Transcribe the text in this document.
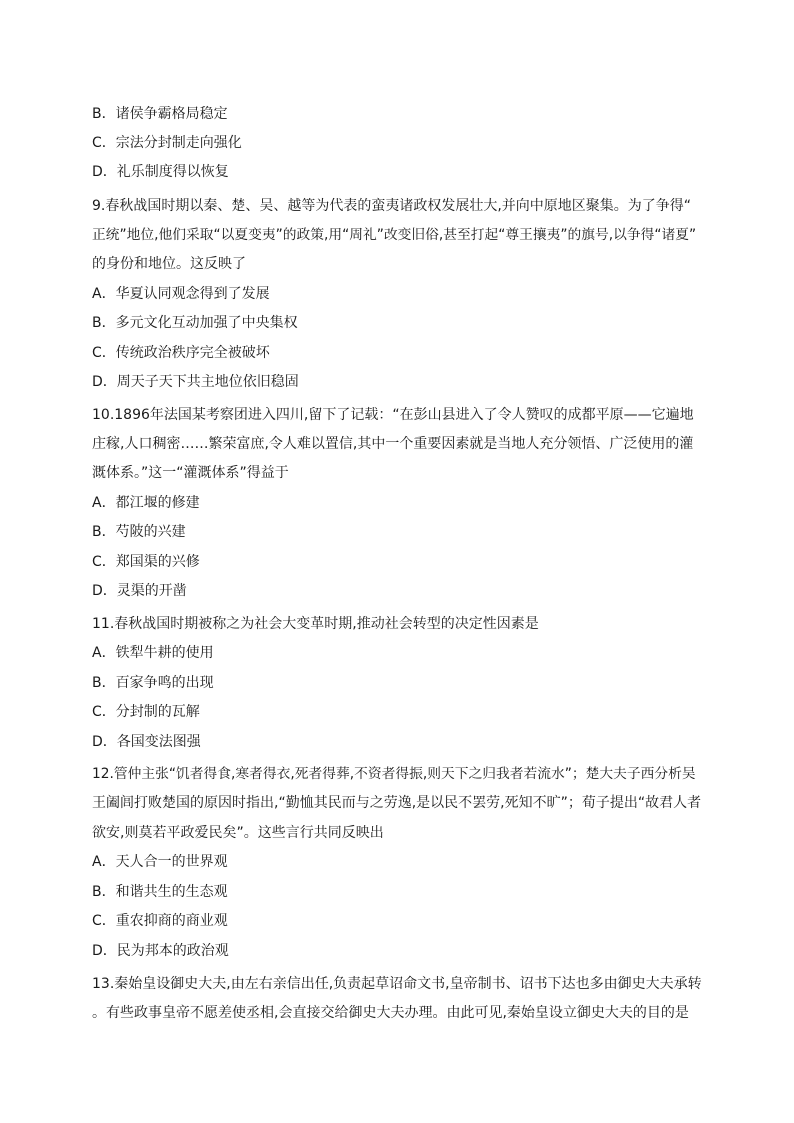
B．诸侯争霸格局稳定
C．宗法分封制走向强化
D．礼乐制度得以恢复
9.春秋战国时期以秦、楚、吴、越等为代表的蛮夷诸政权发展壮大,并向中原地区聚集。为了争得“
正统”地位,他们采取“以夏变夷”的政策,用“周礼”改变旧俗,甚至打起“尊王攘夷”的旗号,以争得“诸夏”
的身份和地位。这反映了
A．华夏认同观念得到了发展
B．多元文化互动加强了中央集权
C．传统政治秩序完全被破坏
D．周天子天下共主地位依旧稳固
10.1896年法国某考察团进入四川,留下了记载：“在彭山县进入了令人赞叹的成都平原——它遍地
庄稼,人口稠密……繁荣富庶,令人难以置信,其中一个重要因素就是当地人充分领悟、广泛使用的灌
溉体系。”这一“灌溉体系”得益于
A．都江堰的修建
B．芍陂的兴建
C．郑国渠的兴修
D．灵渠的开凿
11.春秋战国时期被称之为社会大变革时期,推动社会转型的决定性因素是
A．铁犁牛耕的使用
B．百家争鸣的出现
C．分封制的瓦解
D．各国变法图强
12.管仲主张“饥者得食,寒者得衣,死者得葬,不资者得振,则天下之归我者若流水”；楚大夫子西分析吴
王阖闾打败楚国的原因时指出,“勤恤其民而与之劳逸,是以民不罢劳,死知不旷”；荀子提出“故君人者
欲安,则莫若平政爱民矣”。这些言行共同反映出
A．天人合一的世界观
B．和谐共生的生态观
C．重农抑商的商业观
D．民为邦本的政治观
13.秦始皇设御史大夫,由左右亲信出任,负责起草诏命文书,皇帝制书、诏书下达也多由御史大夫承转
。有些政事皇帝不愿差使丞相,会直接交给御史大夫办理。由此可见,秦始皇设立御史大夫的目的是
